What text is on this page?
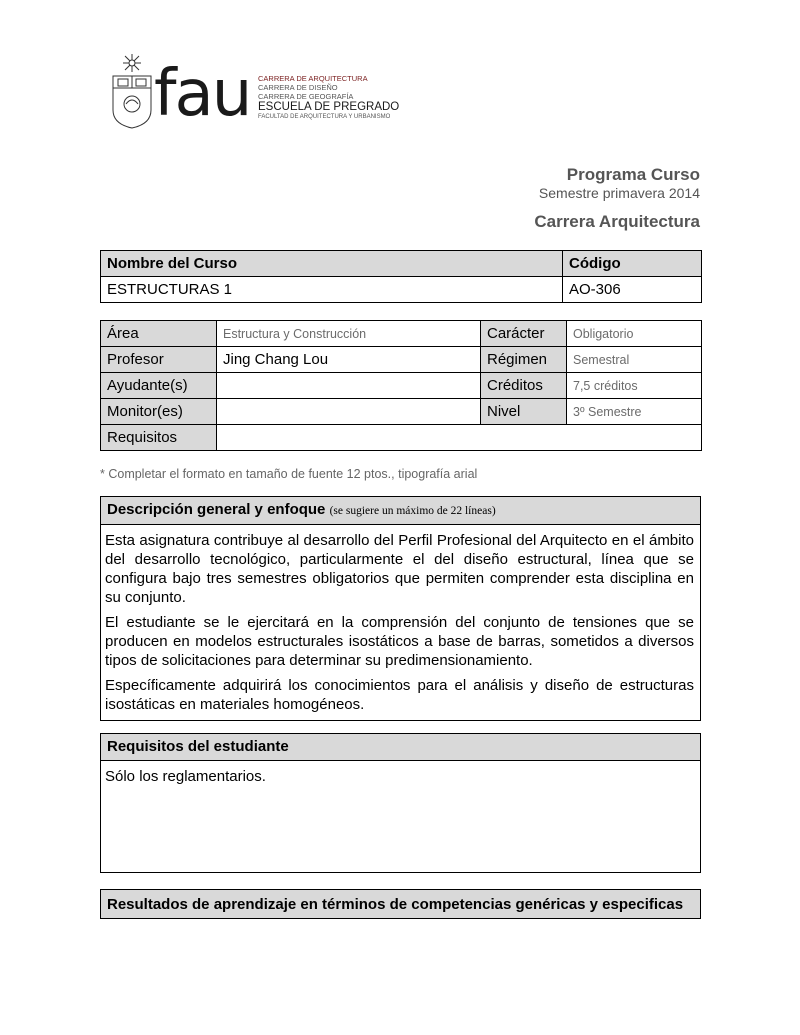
fau CARRERA DE ARQUITECTURA
CARRERA DE DISEÑO
CARRERA DE GEOGRAFÍA
ESCUELA DE PREGRADO
FACULTAD DE ARQUITECTURA Y URBANISMO
Programa Curso
Semestre primavera 2014
Carrera Arquitectura
Nombre del Curso	Código
ESTRUCTURAS 1	AO-306
Área	Estructura y Construcción	Carácter	Obligatorio
Profesor	Jing Chang Lou	Régimen	Semestral
Ayudante(s)		Créditos	7,5 créditos
Monitor(es)		Nivel	3º Semestre
Requisitos			
* Completar el formato en tamaño de fuente 12 ptos., tipografía arial
Descripción general y enfoque (se sugiere un máximo de 22 líneas)

Esta asignatura contribuye al desarrollo del Perfil Profesional del Arquitecto en el ámbito del desarrollo tecnológico, particularmente el del diseño estructural, línea que se configura bajo tres semestres obligatorios que permiten comprender esta disciplina en su conjunto.

El estudiante se le ejercitará en la comprensión del conjunto de tensiones que se producen en modelos estructurales isostáticos a base de barras, sometidos a diversos tipos de solicitaciones para determinar su predimensionamiento.

Específicamente adquirirá los conocimientos para el análisis y diseño de estructuras isostáticas en materiales homogéneos.

Requisitos del estudiante
Sólo los reglamentarios.
Resultados de aprendizaje en términos de competencias genéricas y especificas
